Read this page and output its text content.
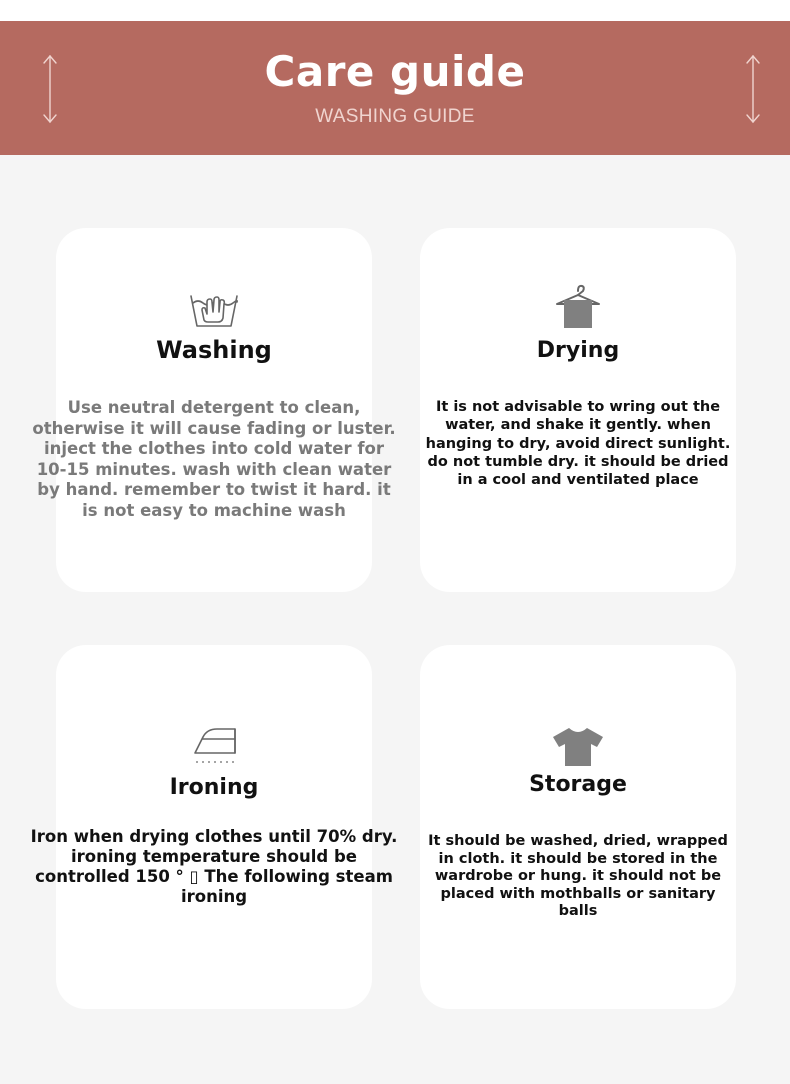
Care guide
WASHING GUIDE
Washing
Use neutral detergent to clean, otherwise it will cause fading or luster. inject the clothes into cold water for 10-15 minutes. wash with clean water by hand. remember to twist it hard. it is not easy to machine wash
Drying
It is not advisable to wring out the water, and shake it gently. when hanging to dry, avoid direct sunlight. do not tumble dry. it should be dried in a cool and ventilated place
Ironing
Iron when drying clothes until 70% dry. ironing temperature should be controlled 150 ° ▯ The following steam ironing
Storage
It should be washed, dried, wrapped in cloth. it should be stored in the wardrobe or hung. it should not be placed with mothballs or sanitary balls
